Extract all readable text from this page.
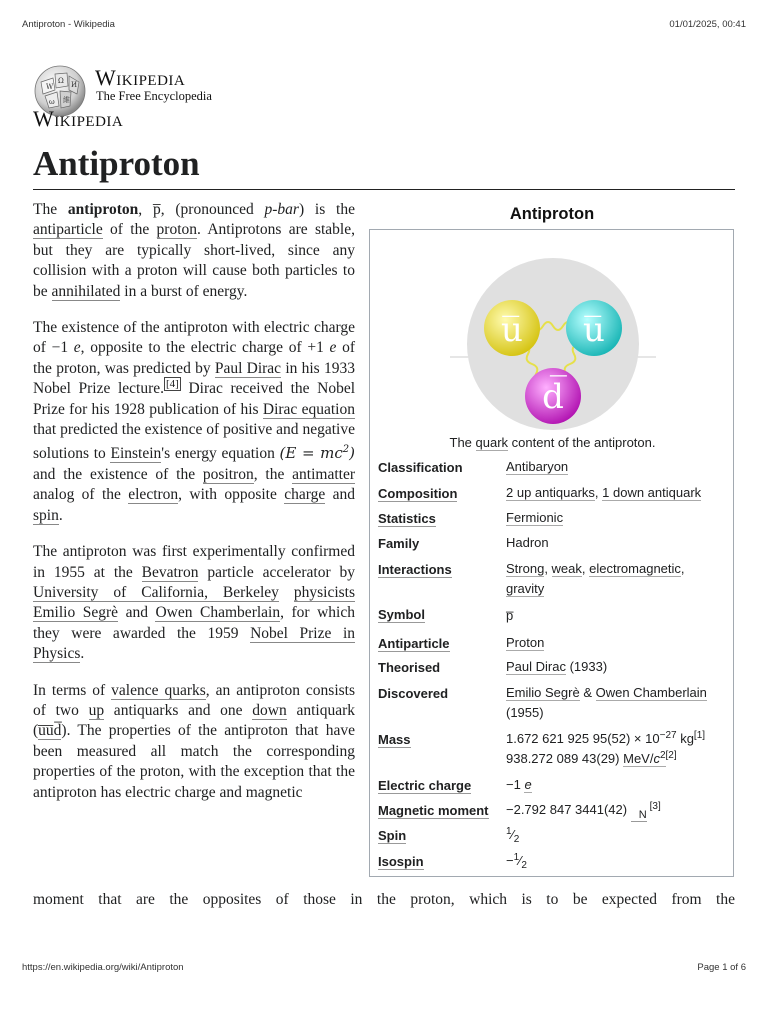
Antiproton - Wikipedia	01/01/2025, 00:41
W
Ω И
ω 維
Wikipedia
The Free Encyclopedia
Wikipedia
Antiproton

The antiproton, p̅, (pronounced p-bar) is the antiparticle of the proton. Antiprotons are stable, but they are typically short-lived, since any collision with a proton will cause both particles to be annihilated in a burst of energy.

The existence of the antiproton with electric charge of −1 e, opposite to the electric charge of +1 e of the proton, was predicted by Paul Dirac in his 1933 Nobel Prize lecture. [4] Dirac received the Nobel Prize for his 1928 publication of his Dirac equation that predicted the existence of positive and negative solutions to Einstein's energy equation $(E = mc^2)$ and the existence of the positron, the antimatter analog of the electron, with opposite charge and spin.

The antiproton was first experimentally confirmed in 1955 at the Bevatron particle accelerator by University of California, Berkeley physicists Emilio Segrè and Owen Chamberlain, for which they were awarded the 1959 Nobel Prize in Physics.

In terms of valence quarks, an antiproton consists of two up antiquarks and one down antiquark (u̅u̅d̅). The properties of the antiproton that have been measured all match the corresponding properties of the proton, with the exception that the antiproton has electric charge and magnetic

moment that are the opposites of those in the proton, which is to be expected from the
Antiproton
u̅ u̅
d̅
The quark content of the antiproton.
Classification	Antibaryon
Composition	2 up antiquarks, 1 down antiquark
Statistics	Fermionic
Family	Hadron
Interactions	Strong, weak, electromagnetic,
gravity
Symbol	p̅
Antiparticle	Proton
Theorised	Paul Dirac (1933)
Discovered	Emilio Segrè & Owen Chamberlain (1955)
Mass	1.672 621 925 $95(52) \times 10^{-27}$ kg[1]
938.272 089 43(29) MeV/$c^{2[2]}$
Electric charge	−1 e
Magnetic moment −2.792 847 3441(42) $_N$[3]
Spin	$^1⁄_2$
Isospin	$-^1⁄_2$
https://en.wikipedia.org/wiki/Antiproton	Page 1 of 6
